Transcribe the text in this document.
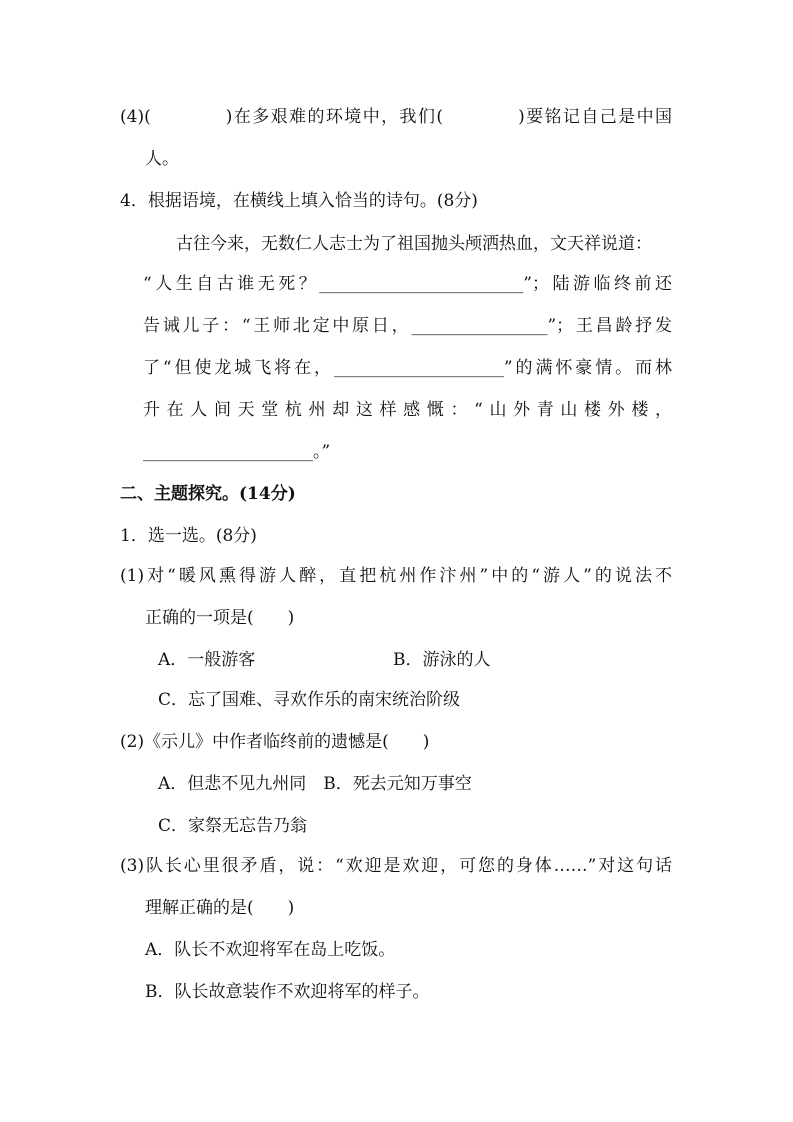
(4)(　　　　)在多艰难的环境中，我们(　　　　)要铭记自己是中国
人。
4．根据语境，在横线上填入恰当的诗句。(8分)
古往今来，无数仁人志士为了祖国抛头颅洒热血，文天祥说道：
“人生自古谁无死？________________________”；陆游临终前还
告诫儿子：“王师北定中原日，________________”；王昌龄抒发
了“但使龙城飞将在，____________________”的满怀豪情。而林
升在人间天堂杭州却这样感慨：“山外青山楼外楼，
____________________。”
二、主题探究。(14分)
1．选一选。(8分)
(1)对“暖风熏得游人醉，直把杭州作汴州”中的“游人”的说法不
正确的一项是(　　)
A．一般游客	B．游泳的人
C．忘了国难、寻欢作乐的南宋统治阶级
(2)《示儿》中作者临终前的遗憾是(　　)
A．但悲不见九州同　B．死去元知万事空
C．家祭无忘告乃翁
(3)队长心里很矛盾，说：“欢迎是欢迎，可您的身体……”对这句话
理解正确的是(　　)
A．队长不欢迎将军在岛上吃饭。
B．队长故意装作不欢迎将军的样子。
